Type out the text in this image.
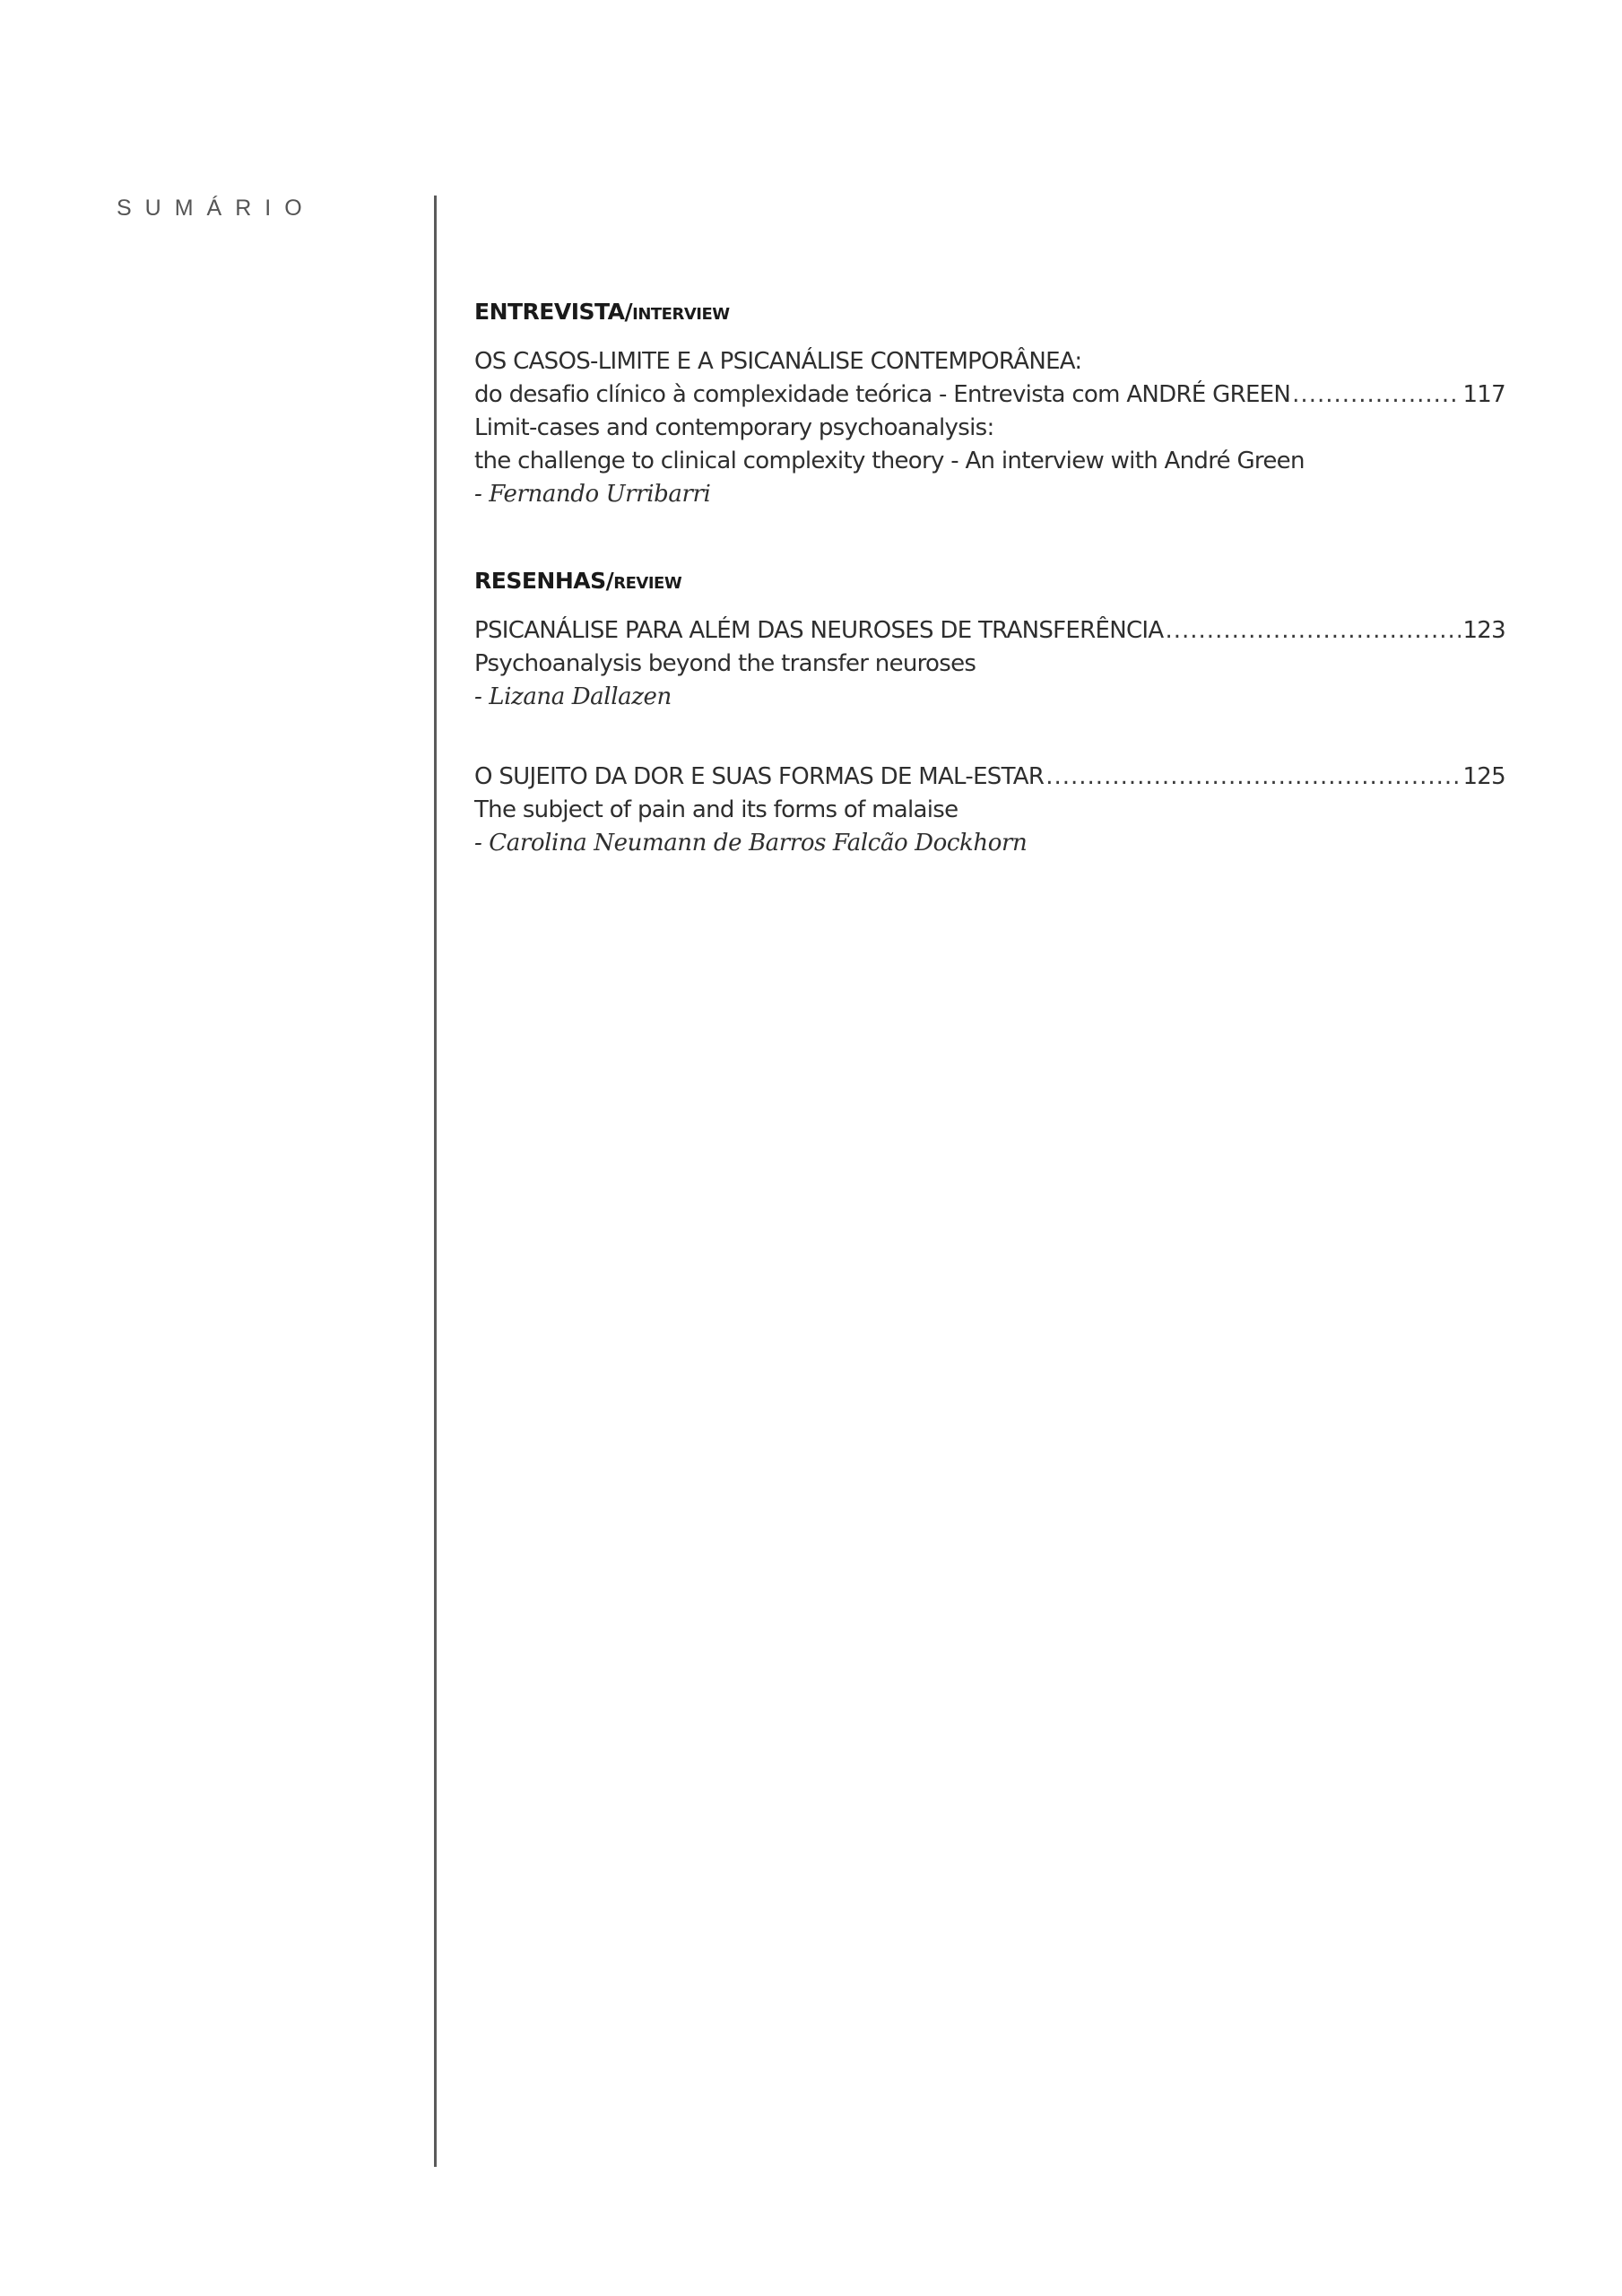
SUMÁRIO
ENTREVISTA/INTERVIEW
OS CASOS-LIMITE E A PSICANÁLISE CONTEMPORÂNEA:
do desafio clínico à complexidade teórica - Entrevista com ANDRÉ GREEN .....	117
Limit-cases and contemporary psychoanalysis:
the challenge to clinical complexity theory - An interview with André Green
- Fernando Urribarri
RESENHAS/REVIEW
PSICANÁLISE PARA ALÉM DAS NEUROSES DE TRANSFERÊNCIA .....	123
Psychoanalysis beyond the transfer neuroses
- Lizana Dallazen
O SUJEITO DA DOR E SUAS FORMAS DE MAL-ESTAR .....	125
The subject of pain and its forms of malaise
- Carolina Neumann de Barros Falcão Dockhorn
